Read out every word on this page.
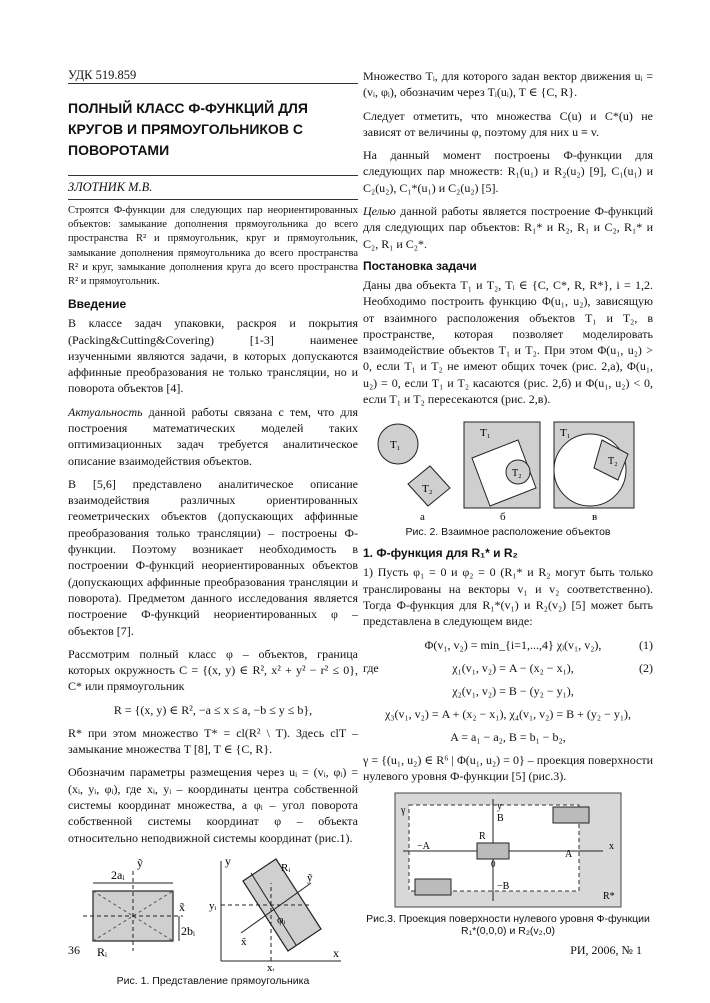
УДК 519.859
ПОЛНЫЙ КЛАСС Ф-ФУНКЦИЙ ДЛЯ КРУГОВ И ПРЯМОУГОЛЬНИКОВ С ПОВОРОТАМИ
ЗЛОТНИК М.В.
Строятся Ф-функции для следующих пар неориентированных объектов: замыкание дополнения прямоугольника до всего пространства R² и прямоугольник, круг и прямоугольник, замыкание дополнения прямоугольника до всего пространства R² и круг, замыкание дополнения круга до всего пространства R² и прямоугольник.
Введение

В классе задач упаковки, раскроя и покрытия (Packing&Cutting&Covering) [1-3] наименее изученными являются задачи, в которых допускаются аффинные преобразования не только трансляции, но и поворота объектов [4].

Актуальность данной работы связана с тем, что для построения математических моделей таких оптимизационных задач требуется аналитическое описание взаимодействия объектов.

В [5,6] представлено аналитическое описание взаимодействия различных ориентированных геометрических объектов (допускающих аффинные преобразования только трансляции) – построены Ф-функции. Поэтому возникает необходимость в построении Ф-функций неориентированных объектов (допускающих аффинные преобразования трансляции и поворота). Предметом данного исследования является построение Ф-функций неориентированных φ – объектов [7].

Рассмотрим полный класс φ – объектов, граница которых окружность C = {(x, y) ∈ R², x² + y² − r² ≤ 0}, C* или прямоугольник

R = {(x, y) ∈ R², −a ≤ x ≤ a, −b ≤ y ≤ b},

R* при этом множество T* = cl(R² \ T). Здесь clT – замыкание множества T [8], T ∈ {C, R}.

Обозначим параметры размещения через uᵢ = (vᵢ, φᵢ) = (xᵢ, yᵢ, φᵢ), где xᵢ, yᵢ – координаты центра собственной системы координат множества, а φᵢ – угол поворота собственной системы координат φ – объекта относительно неподвижной системы координат (рис.1).

2aᵢ
2bᵢ
Rᵢ
ỹ
x̃
x
y
yᵢ
xᵢ
Rᵢ
φᵢ
ỹ
x̃
Рис. 1. Представление прямоугольника

Множество Tᵢ, для которого задан вектор движения uᵢ = (vᵢ, φᵢ), обозначим через Tᵢ(uᵢ), T ∈ {C, R}.

Следует отметить, что множества C(u) и C*(u) не зависят от величины φ, поэтому для них u ≡ v.

На данный момент построены Ф-функции для следующих пар множеств: R₁(u₁) и R₂(u₂) [9], C₁(u₁) и C₂(u₂), C₁*(u₁) и C₂(u₂) [5].

Целью данной работы является построение Ф-функций для следующих пар объектов: R₁* и R₂, R₁ и C₂, R₁* и C₂, R₁ и C₂*.

Постановка задачи

Даны два объекта T₁ и T₂, Tᵢ ∈ {C, C*, R, R*}, i = 1,2. Необходимо построить функцию Φ(u₁, u₂), зависящую от взаимного расположения объектов T₁ и T₂, в пространстве, которая позволяет моделировать взаимодействие объектов T₁ и T₂. При этом Φ(u₁, u₂) > 0, если T₁ и T₂ не имеют общих точек (рис. 2,а), Φ(u₁, u₂) = 0, если T₁ и T₂ касаются (рис. 2,б) и Φ(u₁, u₂) < 0, если T₁ и T₂ пересекаются (рис. 2,в).

T₁
T₂
T₂
T₁
T₂
T₁
а	б	в
Рис. 2. Взаимное расположение объектов
1. Ф-функция для R₁* и R₂

1) Пусть φ₁ = 0 и φ₂ = 0 (R₁* и R₂ могут быть только транслированы на векторы v₁ и v₂ соответственно). Тогда Ф-функция для R₁*(v₁) и R₂(v₂) [5] может быть представлена в следующем виде:

Φ(v₁, v₂) = min_{i=1,...,4} χᵢ(v₁, v₂),	(1)
где	χ₁(v₁, v₂) = A − (x₂ − x₁),	(2)
χ₂(v₁, v₂) = B − (y₂ − y₁),
χ₃(v₁, v₂) = A + (x₂ − x₁), χ₄(v₁, v₂) = B + (y₂ − y₁),
A = a₁ − a₂, B = b₁ − b₂,

γ = {(u₁, u₂) ∈ R⁶ | Φ(u₁, u₂) = 0} – проекция поверхности нулевого уровня Ф-функции [5] (рис.3).

γ	y
x
B
A
−A
−B
R
0
R*
Рис.3. Проекция поверхности нулевого уровня Ф-функции R₁*(0,0,0) и R₂(v₂,0)
36	РИ, 2006, № 1
